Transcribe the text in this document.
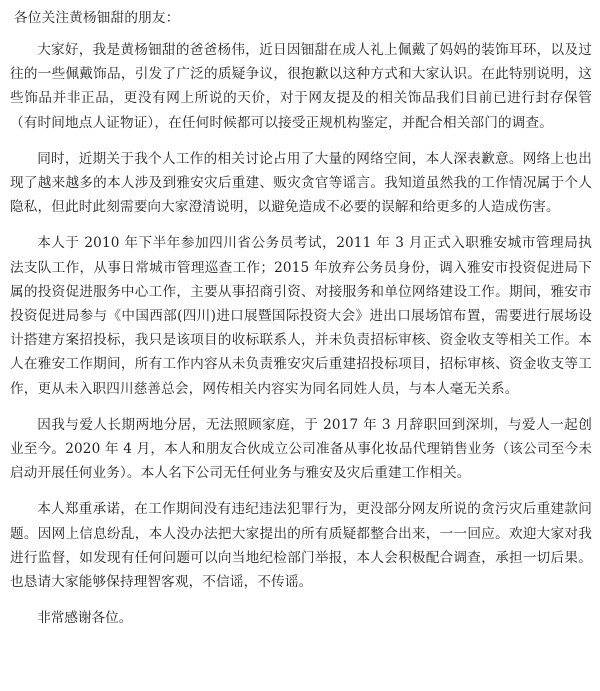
各位关注黄杨钿甜的朋友：

大家好，我是黄杨钿甜的爸爸杨伟，近日因钿甜在成人礼上佩戴了妈妈的装饰耳环，以及过往的一些佩戴饰品，引发了广泛的质疑争议，很抱歉以这种方式和大家认识。在此特别说明，这些饰品并非正品，更没有网上所说的天价，对于网友提及的相关饰品我们目前已进行封存保管（有时间地点人证物证），在任何时候都可以接受正规机构鉴定，并配合相关部门的调查。

同时，近期关于我个人工作的相关讨论占用了大量的网络空间，本人深表歉意。网络上也出现了越来越多的本人涉及到雅安灾后重建、贩灾贪官等谣言。我知道虽然我的工作情况属于个人隐私，但此时此刻需要向大家澄清说明，以避免造成不必要的误解和给更多的人造成伤害。

本人于 2010 年下半年参加四川省公务员考试，2011 年 3 月正式入职雅安城市管理局执法支队工作，从事日常城市管理巡查工作；2015 年放弃公务员身份，调入雅安市投资促进局下属的投资促进服务中心工作，主要从事招商引资、对接服务和单位网络建设工作。期间，雅安市投资促进局参与《中国西部(四川)进口展暨国际投资大会》进出口展场馆布置，需要进行展场设计搭建方案招投标，我只是该项目的收标联系人，并未负责招标审核、资金收支等相关工作。本人在雅安工作期间，所有工作内容从未负责雅安灾后重建招投标项目，招标审核、资金收支等工作，更从未入职四川慈善总会，网传相关内容实为同名同姓人员，与本人毫无关系。

因我与爱人长期两地分居，无法照顾家庭，于 2017 年 3 月辞职回到深圳，与爱人一起创业至今。2020 年 4 月，本人和朋友合伙成立公司准备从事化妆品代理销售业务（该公司至今未启动开展任何业务）。本人名下公司无任何业务与雅安及灾后重建工作相关。

本人郑重承诺，在工作期间没有违纪违法犯罪行为，更没部分网友所说的贪污灾后重建款问题。因网上信息纷乱，本人没办法把大家提出的所有质疑都整合出来，一一回应。欢迎大家对我进行监督，如发现有任何问题可以向当地纪检部门举报，本人会积极配合调查，承担一切后果。也恳请大家能够保持理智客观，不信谣，不传谣。

非常感谢各位。
